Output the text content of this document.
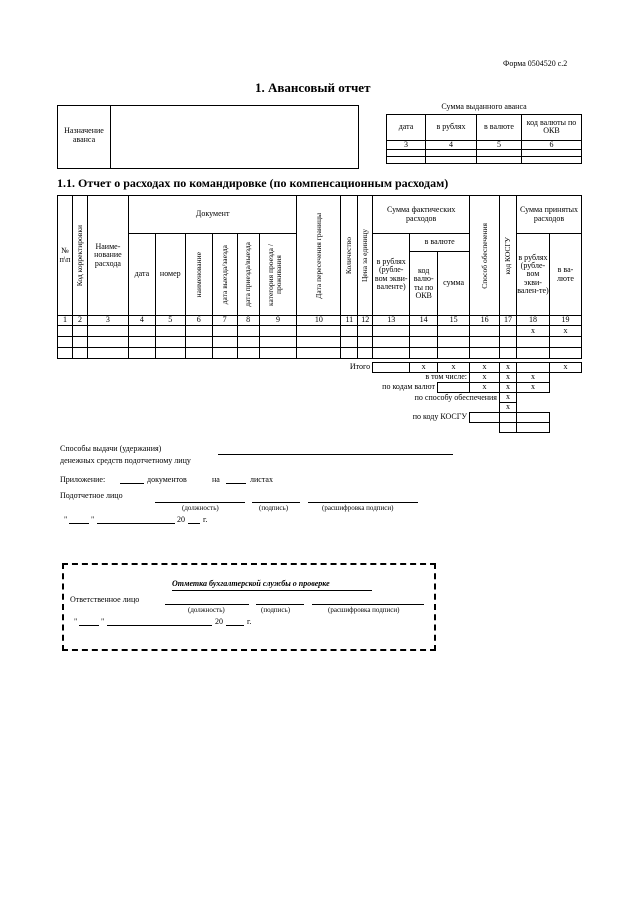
Форма 0504520 с.2
1. Авансовый отчет
Назначение
аванса
Сумма выданного аванса			
дата	в рублях	в валюте	код валюты по ОКВ
3	4	5	6

1.1. Отчет о расходах по командировке (по компенсационным расходам)
№ п\п	Код корректировки	Наиме-нование расхода	Документ						Дата пересечения границы	Количество	Цена за единицу	Сумма фактических расходов			Способ обеспечения	код КОСГУ	Сумма принятых расходов	
			дата	номер	наименование	дата выезда/заезда	дата приезда/выезда	категория проезда / проживания				в рублях (рубле-вом экви-валенте)	в валюте				в рублях (рубле-вом экви-вален-те)	в ва-люте
													код валю-ты по ОКВ	сумма				
1	2	3	4	5	6	7	8	9	10	11	12	13	14	15	16	17	18	19
																	x	x

Итого		x	x	x	x		x
в том числе:				x	x	x	
по кодам валют				x	x	x	
по способу обеспечения					x		
					x		
по коду КОСГУ							

Способы выдачи (удержания)
денежных средств подотчетному лицу
Приложение:	документов	на	листах
Подотчетное лицо
(должность)	(подпись)	(расшифровка подписи)
"	"	20 г.
Отметка бухгалтерской службы о проверке
Ответственное лицо
(должность)	(подпись)	(расшифровка подписи)
"	"	20	г.
